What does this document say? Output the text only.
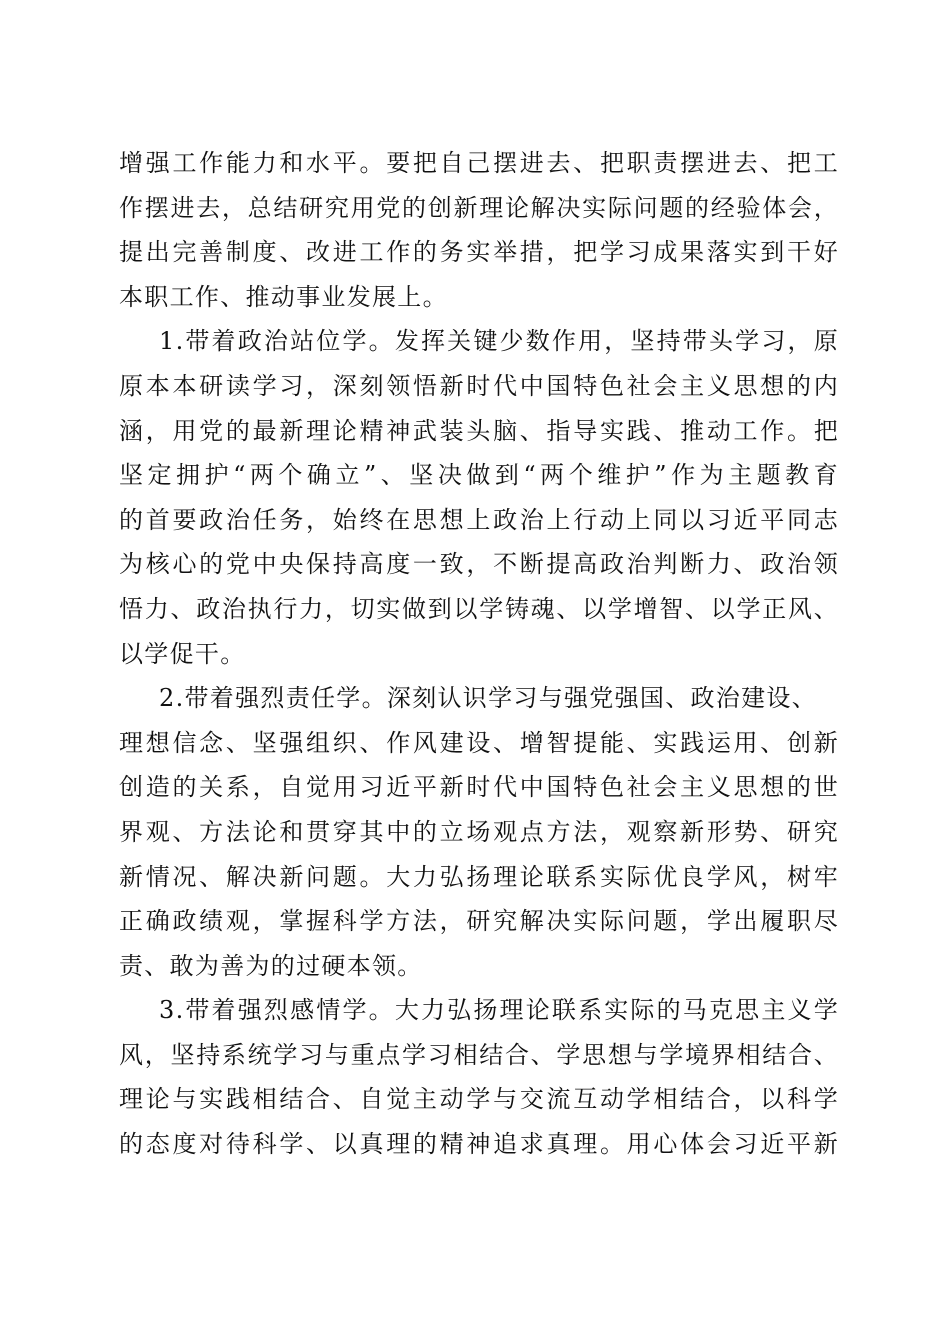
增强工作能力和水平。要把自己摆进去、把职责摆进去、把工
作摆进去，总结研究用党的创新理论解决实际问题的经验体会，
提出完善制度、改进工作的务实举措，把学习成果落实到干好
本职工作、推动事业发展上。
1.带着政治站位学。发挥关键少数作用，坚持带头学习，原
原本本研读学习，深刻领悟新时代中国特色社会主义思想的内
涵，用党的最新理论精神武装头脑、指导实践、推动工作。把
坚定拥护“两个确立”、坚决做到“两个维护”作为主题教育
的首要政治任务，始终在思想上政治上行动上同以习近平同志
为核心的党中央保持高度一致，不断提高政治判断力、政治领
悟力、政治执行力，切实做到以学铸魂、以学增智、以学正风、
以学促干。
2.带着强烈责任学。深刻认识学习与强党强国、政治建设、
理想信念、坚强组织、作风建设、增智提能、实践运用、创新
创造的关系，自觉用习近平新时代中国特色社会主义思想的世
界观、方法论和贯穿其中的立场观点方法，观察新形势、研究
新情况、解决新问题。大力弘扬理论联系实际优良学风，树牢
正确政绩观，掌握科学方法，研究解决实际问题，学出履职尽
责、敢为善为的过硬本领。
3.带着强烈感情学。大力弘扬理论联系实际的马克思主义学
风，坚持系统学习与重点学习相结合、学思想与学境界相结合、
理论与实践相结合、自觉主动学与交流互动学相结合，以科学
的态度对待科学、以真理的精神追求真理。用心体会习近平新
